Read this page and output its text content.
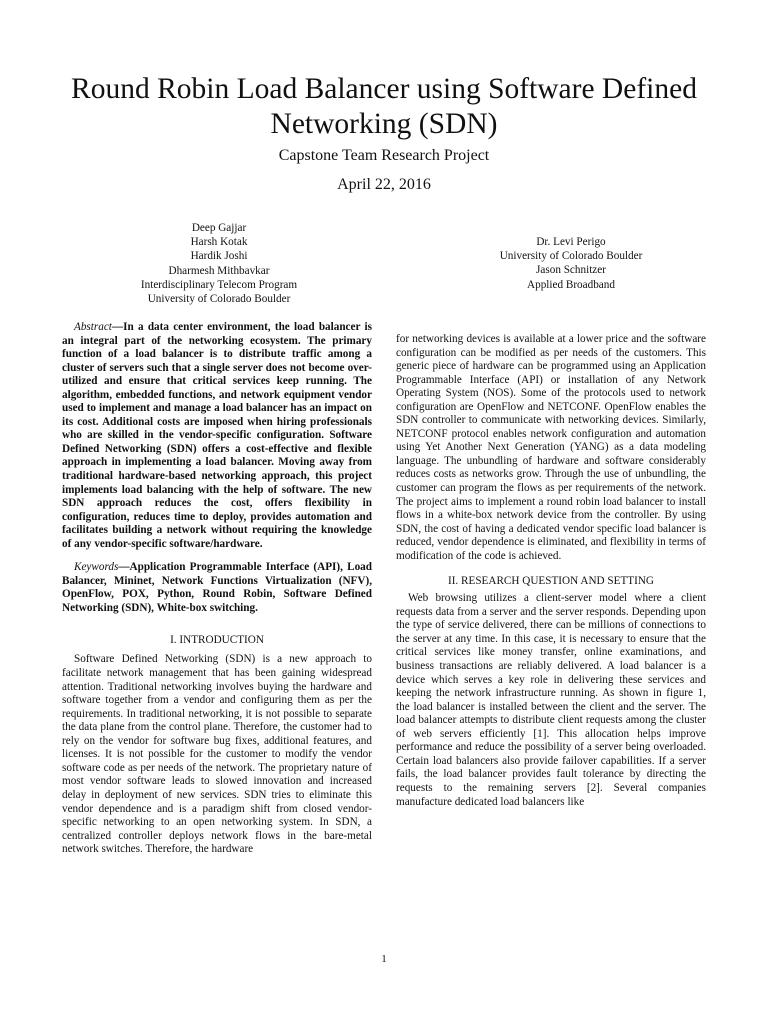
Round Robin Load Balancer using Software Defined Networking (SDN)
Capstone Team Research Project
April 22, 2016
Deep Gajjar
Harsh Kotak
Hardik Joshi
Dharmesh Mithbavkar
Interdisciplinary Telecom Program
University of Colorado Boulder
Dr. Levi Perigo
University of Colorado Boulder
Jason Schnitzer
Applied Broadband

Abstract—In a data center environment, the load balancer is an integral part of the networking ecosystem. The primary function of a load balancer is to distribute traffic among a cluster of servers such that a single server does not become over-utilized and ensure that critical services keep running. The algorithm, embedded functions, and network equipment vendor used to implement and manage a load balancer has an impact on its cost. Additional costs are imposed when hiring professionals who are skilled in the vendor-specific configuration. Software Defined Networking (SDN) offers a cost-effective and flexible approach in implementing a load balancer. Moving away from traditional hardware-based networking approach, this project implements load balancing with the help of software. The new SDN approach reduces the cost, offers flexibility in configuration, reduces time to deploy, provides automation and facilitates building a network without requiring the knowledge of any vendor-specific software/hardware.

Keywords—Application Programmable Interface (API), Load Balancer, Mininet, Network Functions Virtualization (NFV), OpenFlow, POX, Python, Round Robin, Software Defined Networking (SDN), White-box switching.

I. INTRODUCTION

Software Defined Networking (SDN) is a new approach to facilitate network management that has been gaining widespread attention. Traditional networking involves buying the hardware and software together from a vendor and configuring them as per the requirements. In traditional networking, it is not possible to separate the data plane from the control plane. Therefore, the customer had to rely on the vendor for software bug fixes, additional features, and licenses. It is not possible for the customer to modify the vendor software code as per needs of the network. The proprietary nature of most vendor software leads to slowed innovation and increased delay in deployment of new services. SDN tries to eliminate this vendor dependence and is a paradigm shift from closed vendor-specific networking to an open networking system. In SDN, a centralized controller deploys network flows in the bare-metal network switches. Therefore, the hardware

for networking devices is available at a lower price and the software configuration can be modified as per needs of the customers. This generic piece of hardware can be programmed using an Application Programmable Interface (API) or installation of any Network Operating System (NOS). Some of the protocols used to network configuration are OpenFlow and NETCONF. OpenFlow enables the SDN controller to communicate with networking devices. Similarly, NETCONF protocol enables network configuration and automation using Yet Another Next Generation (YANG) as a data modeling language. The unbundling of hardware and software considerably reduces costs as networks grow. Through the use of unbundling, the customer can program the flows as per requirements of the network. The project aims to implement a round robin load balancer to install flows in a white-box network device from the controller. By using SDN, the cost of having a dedicated vendor specific load balancer is reduced, vendor dependence is eliminated, and flexibility in terms of modification of the code is achieved.

II. RESEARCH QUESTION AND SETTING

Web browsing utilizes a client-server model where a client requests data from a server and the server responds. Depending upon the type of service delivered, there can be millions of connections to the server at any time. In this case, it is necessary to ensure that the critical services like money transfer, online examinations, and business transactions are reliably delivered. A load balancer is a device which serves a key role in delivering these services and keeping the network infrastructure running. As shown in figure 1, the load balancer is installed between the client and the server. The load balancer attempts to distribute client requests among the cluster of web servers efficiently [1]. This allocation helps improve performance and reduce the possibility of a server being overloaded. Certain load balancers also provide failover capabilities. If a server fails, the load balancer provides fault tolerance by directing the requests to the remaining servers [2]. Several companies manufacture dedicated load balancers like

1
